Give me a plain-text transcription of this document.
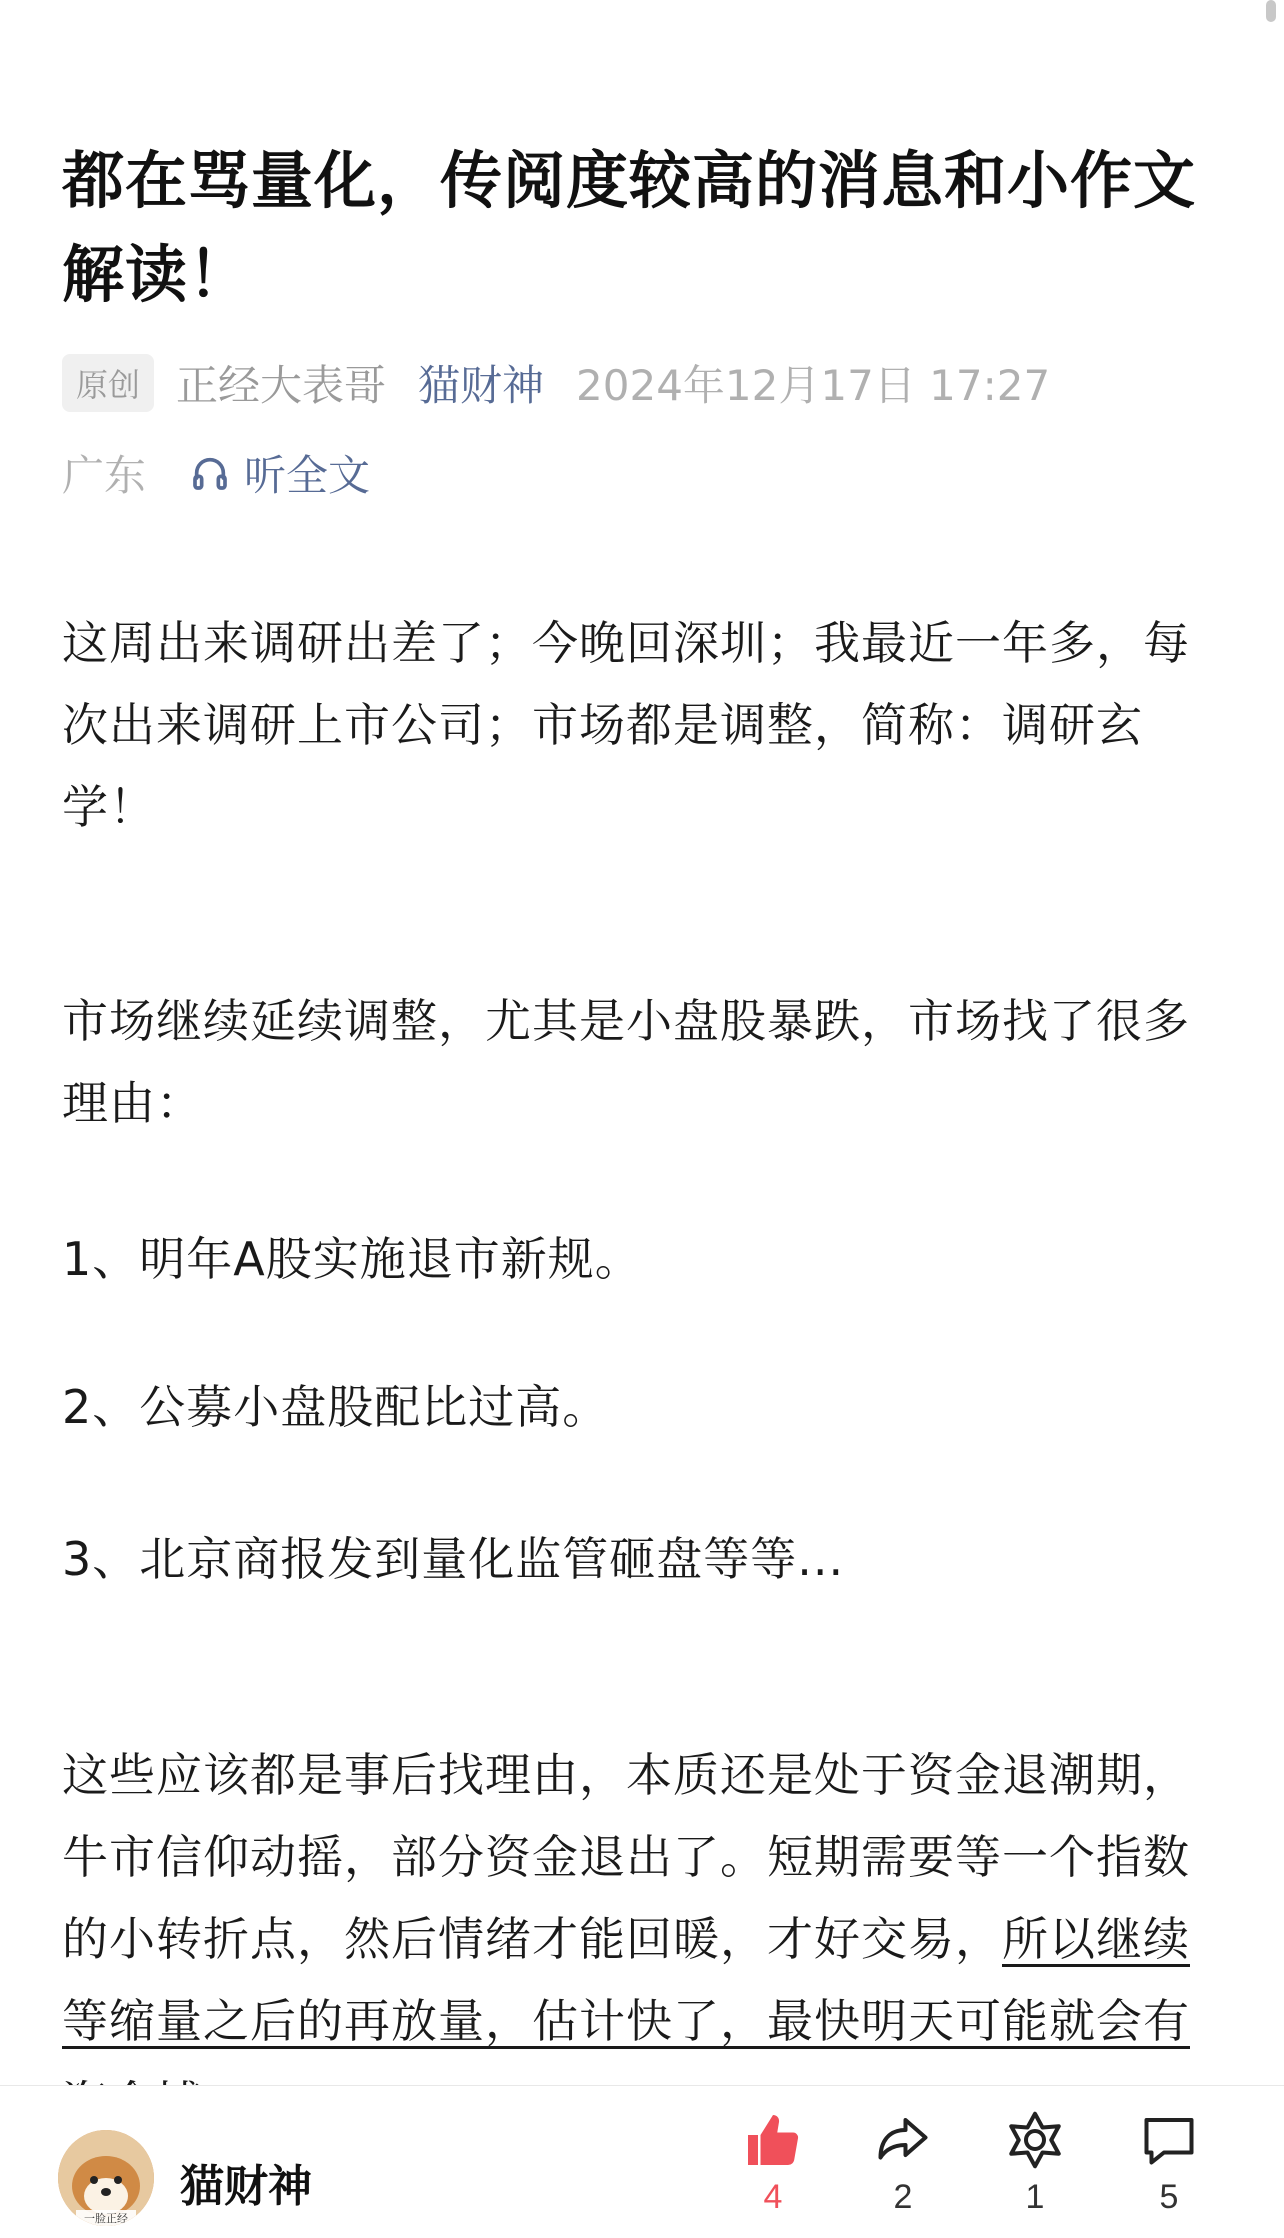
都在骂量化，传阅度较高的消息和小作文解读！
原创 正经大表哥 猫财神 2024年12月17日 17:27
广东 听全文
这周出来调研出差了；今晚回深圳；我最近一年多，每次出来调研上市公司；市场都是调整，简称：调研玄学！
市场继续延续调整，尤其是小盘股暴跌，市场找了很多理由：
1、明年A股实施退市新规。
2、公募小盘股配比过高。
3、北京商报发到量化监管砸盘等等...
这些应该都是事后找理由，本质还是处于资金退潮期，牛市信仰动摇，部分资金退出了。短期需要等一个指数的小转折点，然后情绪才能回暖，才好交易，所以继续等缩量之后的再放量，估计快了，最快明天可能就会有
一脸正经
猫财神	4	2	1	5
